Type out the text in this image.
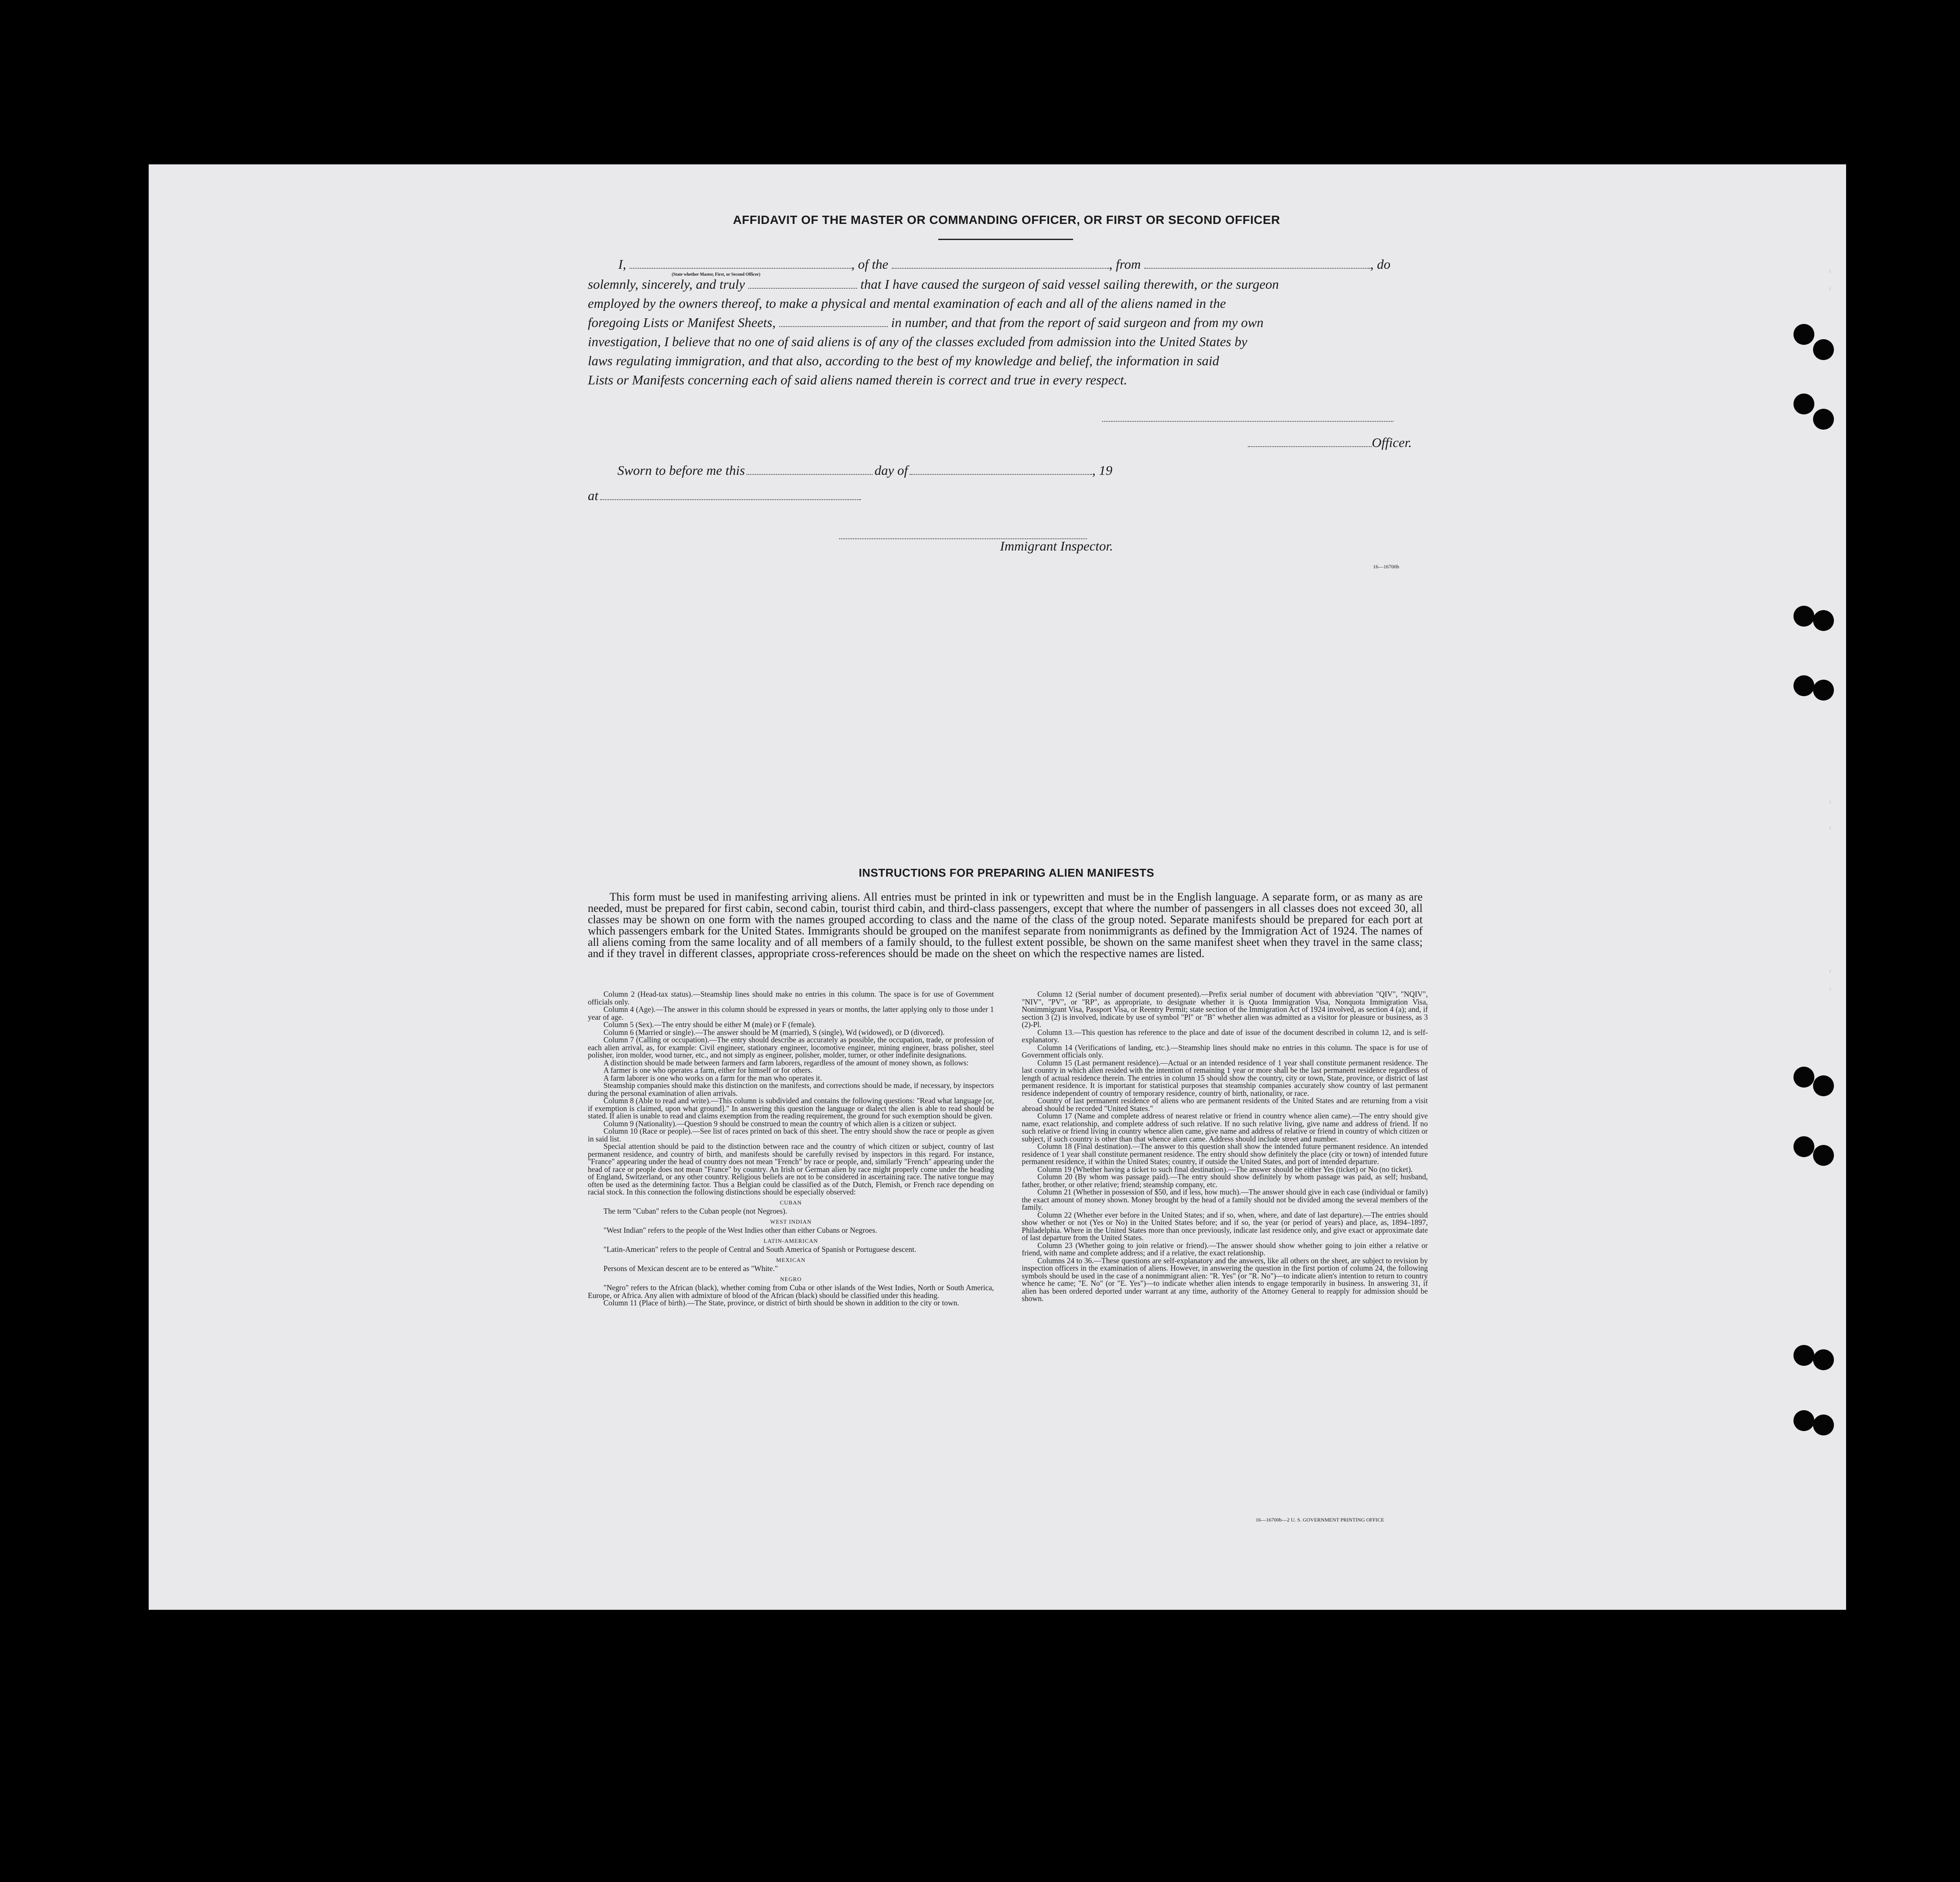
AFFIDAVIT OF THE MASTER OR COMMANDING OFFICER, OR FIRST OR SECOND OFFICER
I,	, of the	, from	, do
(State whether Master, First, or Second Officer)
solemnly, sincerely, and truly	that I have caused the surgeon of said vessel sailing therewith, or the surgeon
employed by the owners thereof, to make a physical and mental examination of each and all of the aliens named in the
foregoing Lists or Manifest Sheets,	in number, and that from the report of said surgeon and from my own
investigation, I believe that no one of said aliens is of any of the classes excluded from admission into the United States by
laws regulating immigration, and that also, according to the best of my knowledge and belief, the information in said
Lists or Manifests concerning each of said aliens named therein is correct and true in every respect.
Officer.
Sworn to before me this	day of	, 19
at
Immigrant Inspector.
16—16700b
INSTRUCTIONS FOR PREPARING ALIEN MANIFESTS

This form must be used in manifesting arriving aliens. All entries must be printed in ink or typewritten and must be in the English language. A separate form, or as many as are needed, must be prepared for first cabin, second cabin, tourist third cabin, and third-class passengers, except that where the number of passengers in all classes does not exceed 30, all classes may be shown on one form with the names grouped according to class and the name of the class of the group noted. Separate manifests should be prepared for each port at which passengers embark for the United States. Immigrants should be grouped on the manifest separate from nonimmigrants as defined by the Immigration Act of 1924. The names of all aliens coming from the same locality and of all members of a family should, to the fullest extent possible, be shown on the same manifest sheet when they travel in the same class; and if they travel in different classes, appropriate cross-references should be made on the sheet on which the respective names are listed.

Column 2 (Head-tax status).—Steamship lines should make no entries in this column. The space is for use of Government officials only.

Column 4 (Age).—The answer in this column should be expressed in years or months, the latter applying only to those under 1 year of age.

Column 5 (Sex).—The entry should be either M (male) or F (female).

Column 6 (Married or single).—The answer should be M (married), S (single), Wd (widowed), or D (divorced).

Column 7 (Calling or occupation).—The entry should describe as accurately as possible, the occupation, trade, or profession of each alien arrival, as, for example: Civil engineer, stationary engineer, locomotive engineer, mining engineer, brass polisher, steel polisher, iron molder, wood turner, etc., and not simply as engineer, polisher, molder, turner, or other indefinite designations.

A distinction should be made between farmers and farm laborers, regardless of the amount of money shown, as follows:

A farmer is one who operates a farm, either for himself or for others.

A farm laborer is one who works on a farm for the man who operates it.

Steamship companies should make this distinction on the manifests, and corrections should be made, if necessary, by inspectors during the personal examination of alien arrivals.

Column 8 (Able to read and write).—This column is subdivided and contains the following questions: "Read what language [or, if exemption is claimed, upon what ground]." In answering this question the language or dialect the alien is able to read should be stated. If alien is unable to read and claims exemption from the reading requirement, the ground for such exemption should be given.

Column 9 (Nationality).—Question 9 should be construed to mean the country of which alien is a citizen or subject.

Column 10 (Race or people).—See list of races printed on back of this sheet. The entry should show the race or people as given in said list.

Special attention should be paid to the distinction between race and the country of which citizen or subject, country of last permanent residence, and country of birth, and manifests should be carefully revised by inspectors in this regard. For instance, "France" appearing under the head of country does not mean "French" by race or people, and, similarly "French" appearing under the head of race or people does not mean "France" by country. An Irish or German alien by race might properly come under the heading of England, Switzerland, or any other country. Religious beliefs are not to be considered in ascertaining race. The native tongue may often be used as the determining factor. Thus a Belgian could be classified as of the Dutch, Flemish, or French race depending on racial stock. In this connection the following distinctions should be especially observed:

CUBAN

The term "Cuban" refers to the Cuban people (not Negroes).

WEST INDIAN

"West Indian" refers to the people of the West Indies other than either Cubans or Negroes.

LATIN-AMERICAN

"Latin-American" refers to the people of Central and South America of Spanish or Portuguese descent.

MEXICAN

Persons of Mexican descent are to be entered as "White."

NEGRO

"Negro" refers to the African (black), whether coming from Cuba or other islands of the West Indies, North or South America, Europe, or Africa. Any alien with admixture of blood of the African (black) should be classified under this heading.

Column 11 (Place of birth).—The State, province, or district of birth should be shown in addition to the city or town.

Column 12 (Serial number of document presented).—Prefix serial number of document with abbreviation "QIV", "NQIV", "NIV", "PV", or "RP", as appropriate, to designate whether it is Quota Immigration Visa, Nonquota Immigration Visa, Nonimmigrant Visa, Passport Visa, or Reentry Permit; state section of the Immigration Act of 1924 involved, as section 4 (a); and, if section 3 (2) is involved, indicate by use of symbol "Pl" or "B" whether alien was admitted as a visitor for pleasure or business, as 3 (2)-Pl.

Column 13.—This question has reference to the place and date of issue of the document described in column 12, and is self-explanatory.

Column 14 (Verifications of landing, etc.).—Steamship lines should make no entries in this column. The space is for use of Government officials only.

Column 15 (Last permanent residence).—Actual or an intended residence of 1 year shall constitute permanent residence. The last country in which alien resided with the intention of remaining 1 year or more shall be the last permanent residence regardless of length of actual residence therein. The entries in column 15 should show the country, city or town, State, province, or district of last permanent residence. It is important for statistical purposes that steamship companies accurately show country of last permanent residence independent of country of temporary residence, country of birth, nationality, or race.

Country of last permanent residence of aliens who are permanent residents of the United States and are returning from a visit abroad should be recorded "United States."

Column 17 (Name and complete address of nearest relative or friend in country whence alien came).—The entry should give name, exact relationship, and complete address of such relative. If no such relative living, give name and address of friend. If no such relative or friend living in country whence alien came, give name and address of relative or friend in country of which citizen or subject, if such country is other than that whence alien came. Address should include street and number.

Column 18 (Final destination).—The answer to this question shall show the intended future permanent residence. An intended residence of 1 year shall constitute permanent residence. The entry should show definitely the place (city or town) of intended future permanent residence, if within the United States; country, if outside the United States, and port of intended departure.

Column 19 (Whether having a ticket to such final destination).—The answer should be either Yes (ticket) or No (no ticket).

Column 20 (By whom was passage paid).—The entry should show definitely by whom passage was paid, as self; husband, father, brother, or other relative; friend; steamship company, etc.

Column 21 (Whether in possession of $50, and if less, how much).—The answer should give in each case (individual or family) the exact amount of money shown. Money brought by the head of a family should not be divided among the several members of the family.

Column 22 (Whether ever before in the United States; and if so, when, where, and date of last departure).—The entries should show whether or not (Yes or No) in the United States before; and if so, the year (or period of years) and place, as, 1894–1897, Philadelphia. Where in the United States more than once previously, indicate last residence only, and give exact or approximate date of last departure from the United States.

Column 23 (Whether going to join relative or friend).—The answer should show whether going to join either a relative or friend, with name and complete address; and if a relative, the exact relationship.

Columns 24 to 36.—These questions are self-explanatory and the answers, like all others on the sheet, are subject to revision by inspection officers in the examination of aliens. However, in answering the question in the first portion of column 24, the following symbols should be used in the case of a nonimmigrant alien: "R. Yes" (or "R. No")—to indicate alien's intention to return to country whence he came; "E. No" (or "E. Yes")—to indicate whether alien intends to engage temporarily in business. In answering 31, if alien has been ordered deported under warrant at any time, authority of the Attorney General to reapply for admission should be shown.

16—16700b—2 U. S. GOVERNMENT PRINTING OFFICE
